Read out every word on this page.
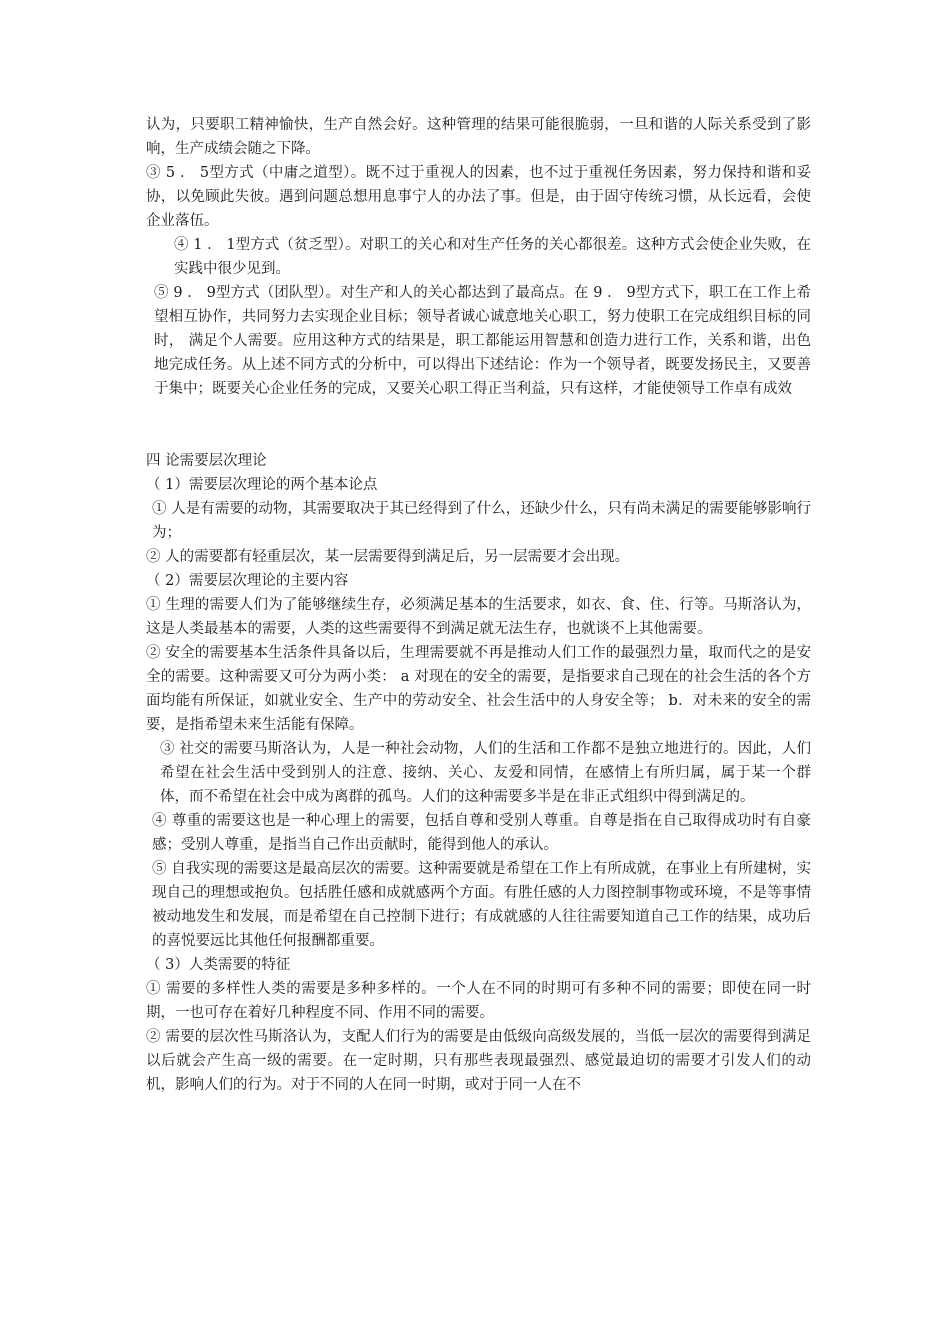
认为，只要职工精神愉快，生产自然会好。这种管理的结果可能很脆弱，一旦和谐的人际关系受到了影响，生产成绩会随之下降。

③ 5 ． 5型方式（中庸之道型）。既不过于重视人的因素，也不过于重视任务因素，努力保持和谐和妥协，以免顾此失彼。遇到问题总想用息事宁人的办法了事。但是，由于固守传统习惯，从长远看，会使企业落伍。

④ 1 ． 1型方式（贫乏型）。对职工的关心和对生产任务的关心都很差。这种方式会使企业失败，在实践中很少见到。

⑤ 9 ． 9型方式（团队型）。对生产和人的关心都达到了最高点。在 9 ． 9型方式下，职工在工作上希望相互协作，共同努力去实现企业目标；领导者诚心诚意地关心职工，努力使职工在完成组织目标的同时， 满足个人需要。应用这种方式的结果是，职工都能运用智慧和创造力进行工作，关系和谐，出色地完成任务。从上述不同方式的分析中，可以得出下述结论：作为一个领导者，既要发扬民主，又要善于集中；既要关心企业任务的完成，又要关心职工得正当利益，只有这样，才能使领导工作卓有成效

四 论需要层次理论

（ 1）需要层次理论的两个基本论点

① 人是有需要的动物，其需要取决于其已经得到了什么，还缺少什么，只有尚未满足的需要能够影响行为；

② 人的需要都有轻重层次，某一层需要得到满足后，另一层需要才会出现。

（ 2）需要层次理论的主要内容

① 生理的需要人们为了能够继续生存，必须满足基本的生活要求，如衣、食、住、行等。马斯洛认为，这是人类最基本的需要，人类的这些需要得不到满足就无法生存，也就谈不上其他需要。

② 安全的需要基本生活条件具备以后，生理需要就不再是推动人们工作的最强烈力量，取而代之的是安全的需要。这种需要又可分为两小类： a 对现在的安全的需要，是指要求自己现在的社会生活的各个方面均能有所保证，如就业安全、生产中的劳动安全、社会生活中的人身安全等； b．对未来的安全的需要，是指希望未来生活能有保障。

③ 社交的需要马斯洛认为，人是一种社会动物，人们的生活和工作都不是独立地进行的。因此，人们希望在社会生活中受到别人的注意、接纳、关心、友爱和同情，在感情上有所归属，属于某一个群体，而不希望在社会中成为离群的孤鸟。人们的这种需要多半是在非正式组织中得到满足的。

④ 尊重的需要这也是一种心理上的需要，包括自尊和受别人尊重。自尊是指在自己取得成功时有自豪感；受别人尊重，是指当自己作出贡献时，能得到他人的承认。

⑤ 自我实现的需要这是最高层次的需要。这种需要就是希望在工作上有所成就，在事业上有所建树，实现自己的理想或抱负。包括胜任感和成就感两个方面。有胜任感的人力图控制事物或环境，不是等事情被动地发生和发展，而是希望在自己控制下进行；有成就感的人往往需要知道自己工作的结果，成功后的喜悦要远比其他任何报酬都重要。

（ 3）人类需要的特征

① 需要的多样性人类的需要是多种多样的。一个人在不同的时期可有多种不同的需要；即使在同一时期，一也可存在着好几种程度不同、作用不同的需要。

② 需要的层次性马斯洛认为，支配人们行为的需要是由低级向高级发展的，当低一层次的需要得到满足以后就会产生高一级的需要。在一定时期，只有那些表现最强烈、感觉最迫切的需要才引发人们的动机，影响人们的行为。对于不同的人在同一时期，或对于同一人在不
